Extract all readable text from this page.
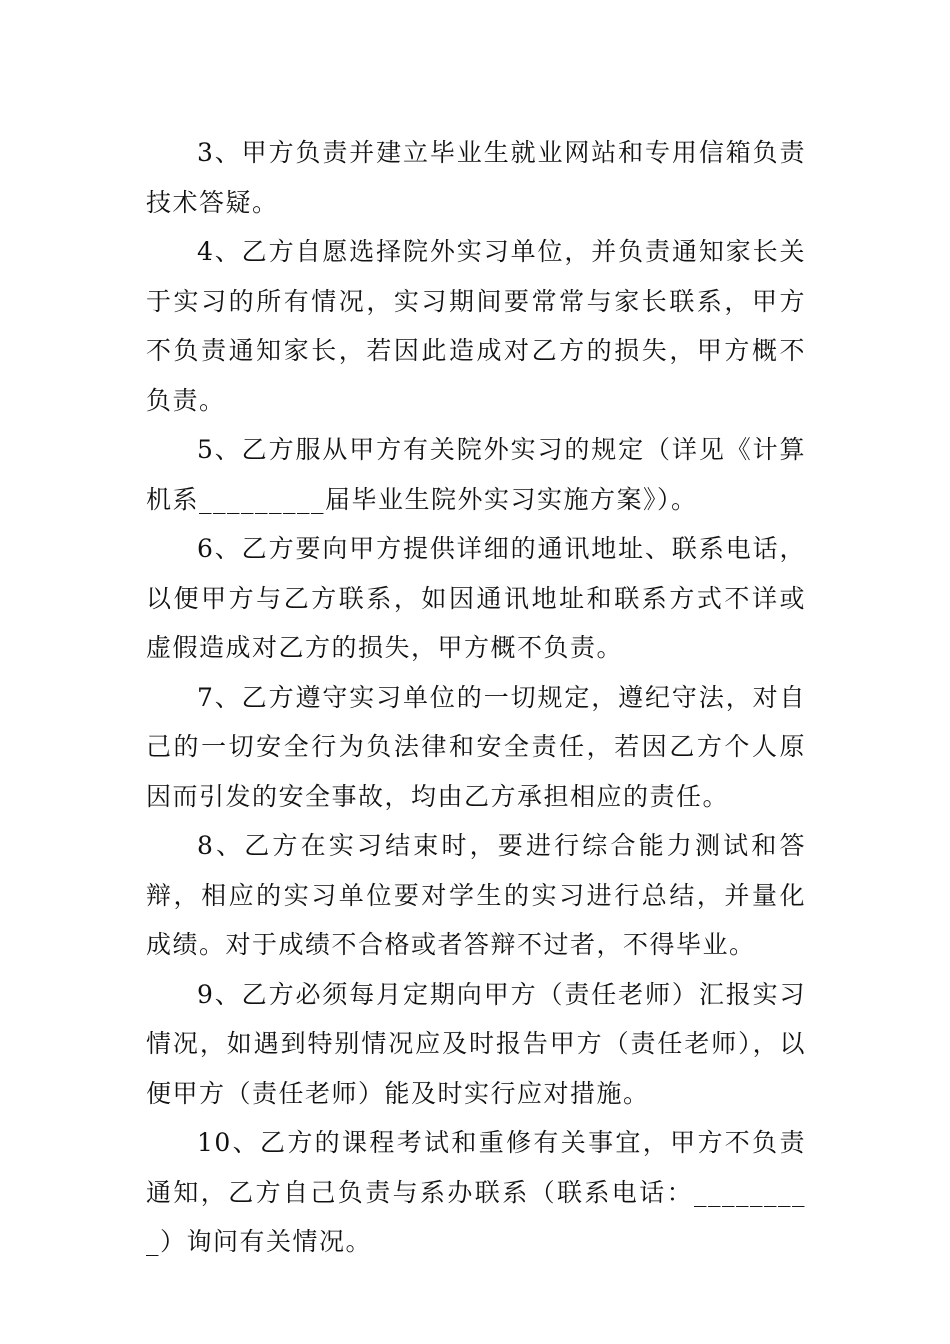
3、甲方负责并建立毕业生就业网站和专用信箱负责技术答疑。

4、乙方自愿选择院外实习单位，并负责通知家长关于实习的所有情况，实习期间要常常与家长联系，甲方不负责通知家长，若因此造成对乙方的损失，甲方概不负责。

5、乙方服从甲方有关院外实习的规定（详见《计算机系_________届毕业生院外实习实施方案》）。

6、乙方要向甲方提供详细的通讯地址、联系电话，以便甲方与乙方联系，如因通讯地址和联系方式不详或虚假造成对乙方的损失，甲方概不负责。

7、乙方遵守实习单位的一切规定，遵纪守法，对自己的一切安全行为负法律和安全责任，若因乙方个人原因而引发的安全事故，均由乙方承担相应的责任。

8、乙方在实习结束时，要进行综合能力测试和答辩，相应的实习单位要对学生的实习进行总结，并量化成绩。对于成绩不合格或者答辩不过者，不得毕业。

9、乙方必须每月定期向甲方（责任老师）汇报实习情况，如遇到特别情况应及时报告甲方（责任老师），以便甲方（责任老师）能及时实行应对措施。

10、乙方的课程考试和重修有关事宜，甲方不负责通知，乙方自己负责与系办联系（联系电话：_________）询问有关情况。
